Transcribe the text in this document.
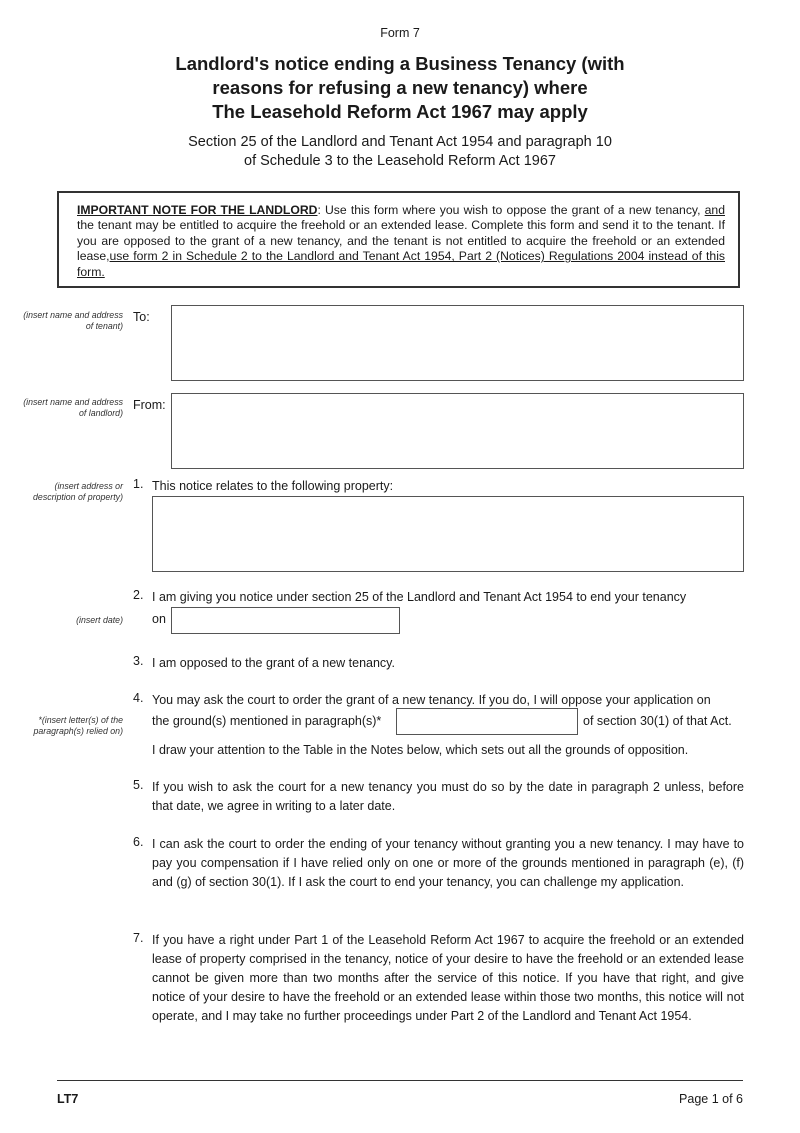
Form 7
Landlord's notice ending a Business Tenancy (with
reasons for refusing a new tenancy) where
The Leasehold Reform Act 1967 may apply
Section 25 of the Landlord and Tenant Act 1954 and paragraph 10
of Schedule 3 to the Leasehold Reform Act 1967
IMPORTANT NOTE FOR THE LANDLORD: Use this form where you wish to oppose the grant of a new tenancy, and the tenant may be entitled to acquire the freehold or an extended lease. Complete this form and send it to the tenant. If you are opposed to the grant of a new tenancy, and the tenant is not entitled to acquire the freehold or an extended lease,use form 2 in Schedule 2 to the Landlord and Tenant Act 1954, Part 2 (Notices) Regulations 2004 instead of this form.
(insert name and address of tenant)
To:
(insert name and address of landlord)
From:
(insert address or description of property)
1. This notice relates to the following property:
2. I am giving you notice under section 25 of the Landlord and Tenant Act 1954 to end your tenancy
(insert date) on
3. I am opposed to the grant of a new tenancy.
4. You may ask the court to order the grant of a new tenancy. If you do, I will oppose your application on
*(insert letter(s) of the paragraph(s) relied on)
the ground(s) mentioned in paragraph(s)*	of section 30(1) of that Act.
I draw your attention to the Table in the Notes below, which sets out all the grounds of opposition.
5. If you wish to ask the court for a new tenancy you must do so by the date in paragraph 2 unless, before that date, we agree in writing to a later date.
6. I can ask the court to order the ending of your tenancy without granting you a new tenancy. I may have to pay you compensation if I have relied only on one or more of the grounds mentioned in paragraph (e), (f) and (g) of section 30(1). If I ask the court to end your tenancy, you can challenge my application.
7. If you have a right under Part 1 of the Leasehold Reform Act 1967 to acquire the freehold or an extended lease of property comprised in the tenancy, notice of your desire to have the freehold or an extended lease cannot be given more than two months after the service of this notice. If you have that right, and give notice of your desire to have the freehold or an extended lease within those two months, this notice will not operate, and I may take no further proceedings under Part 2 of the Landlord and Tenant Act 1954.
LT7	Page 1 of 6
